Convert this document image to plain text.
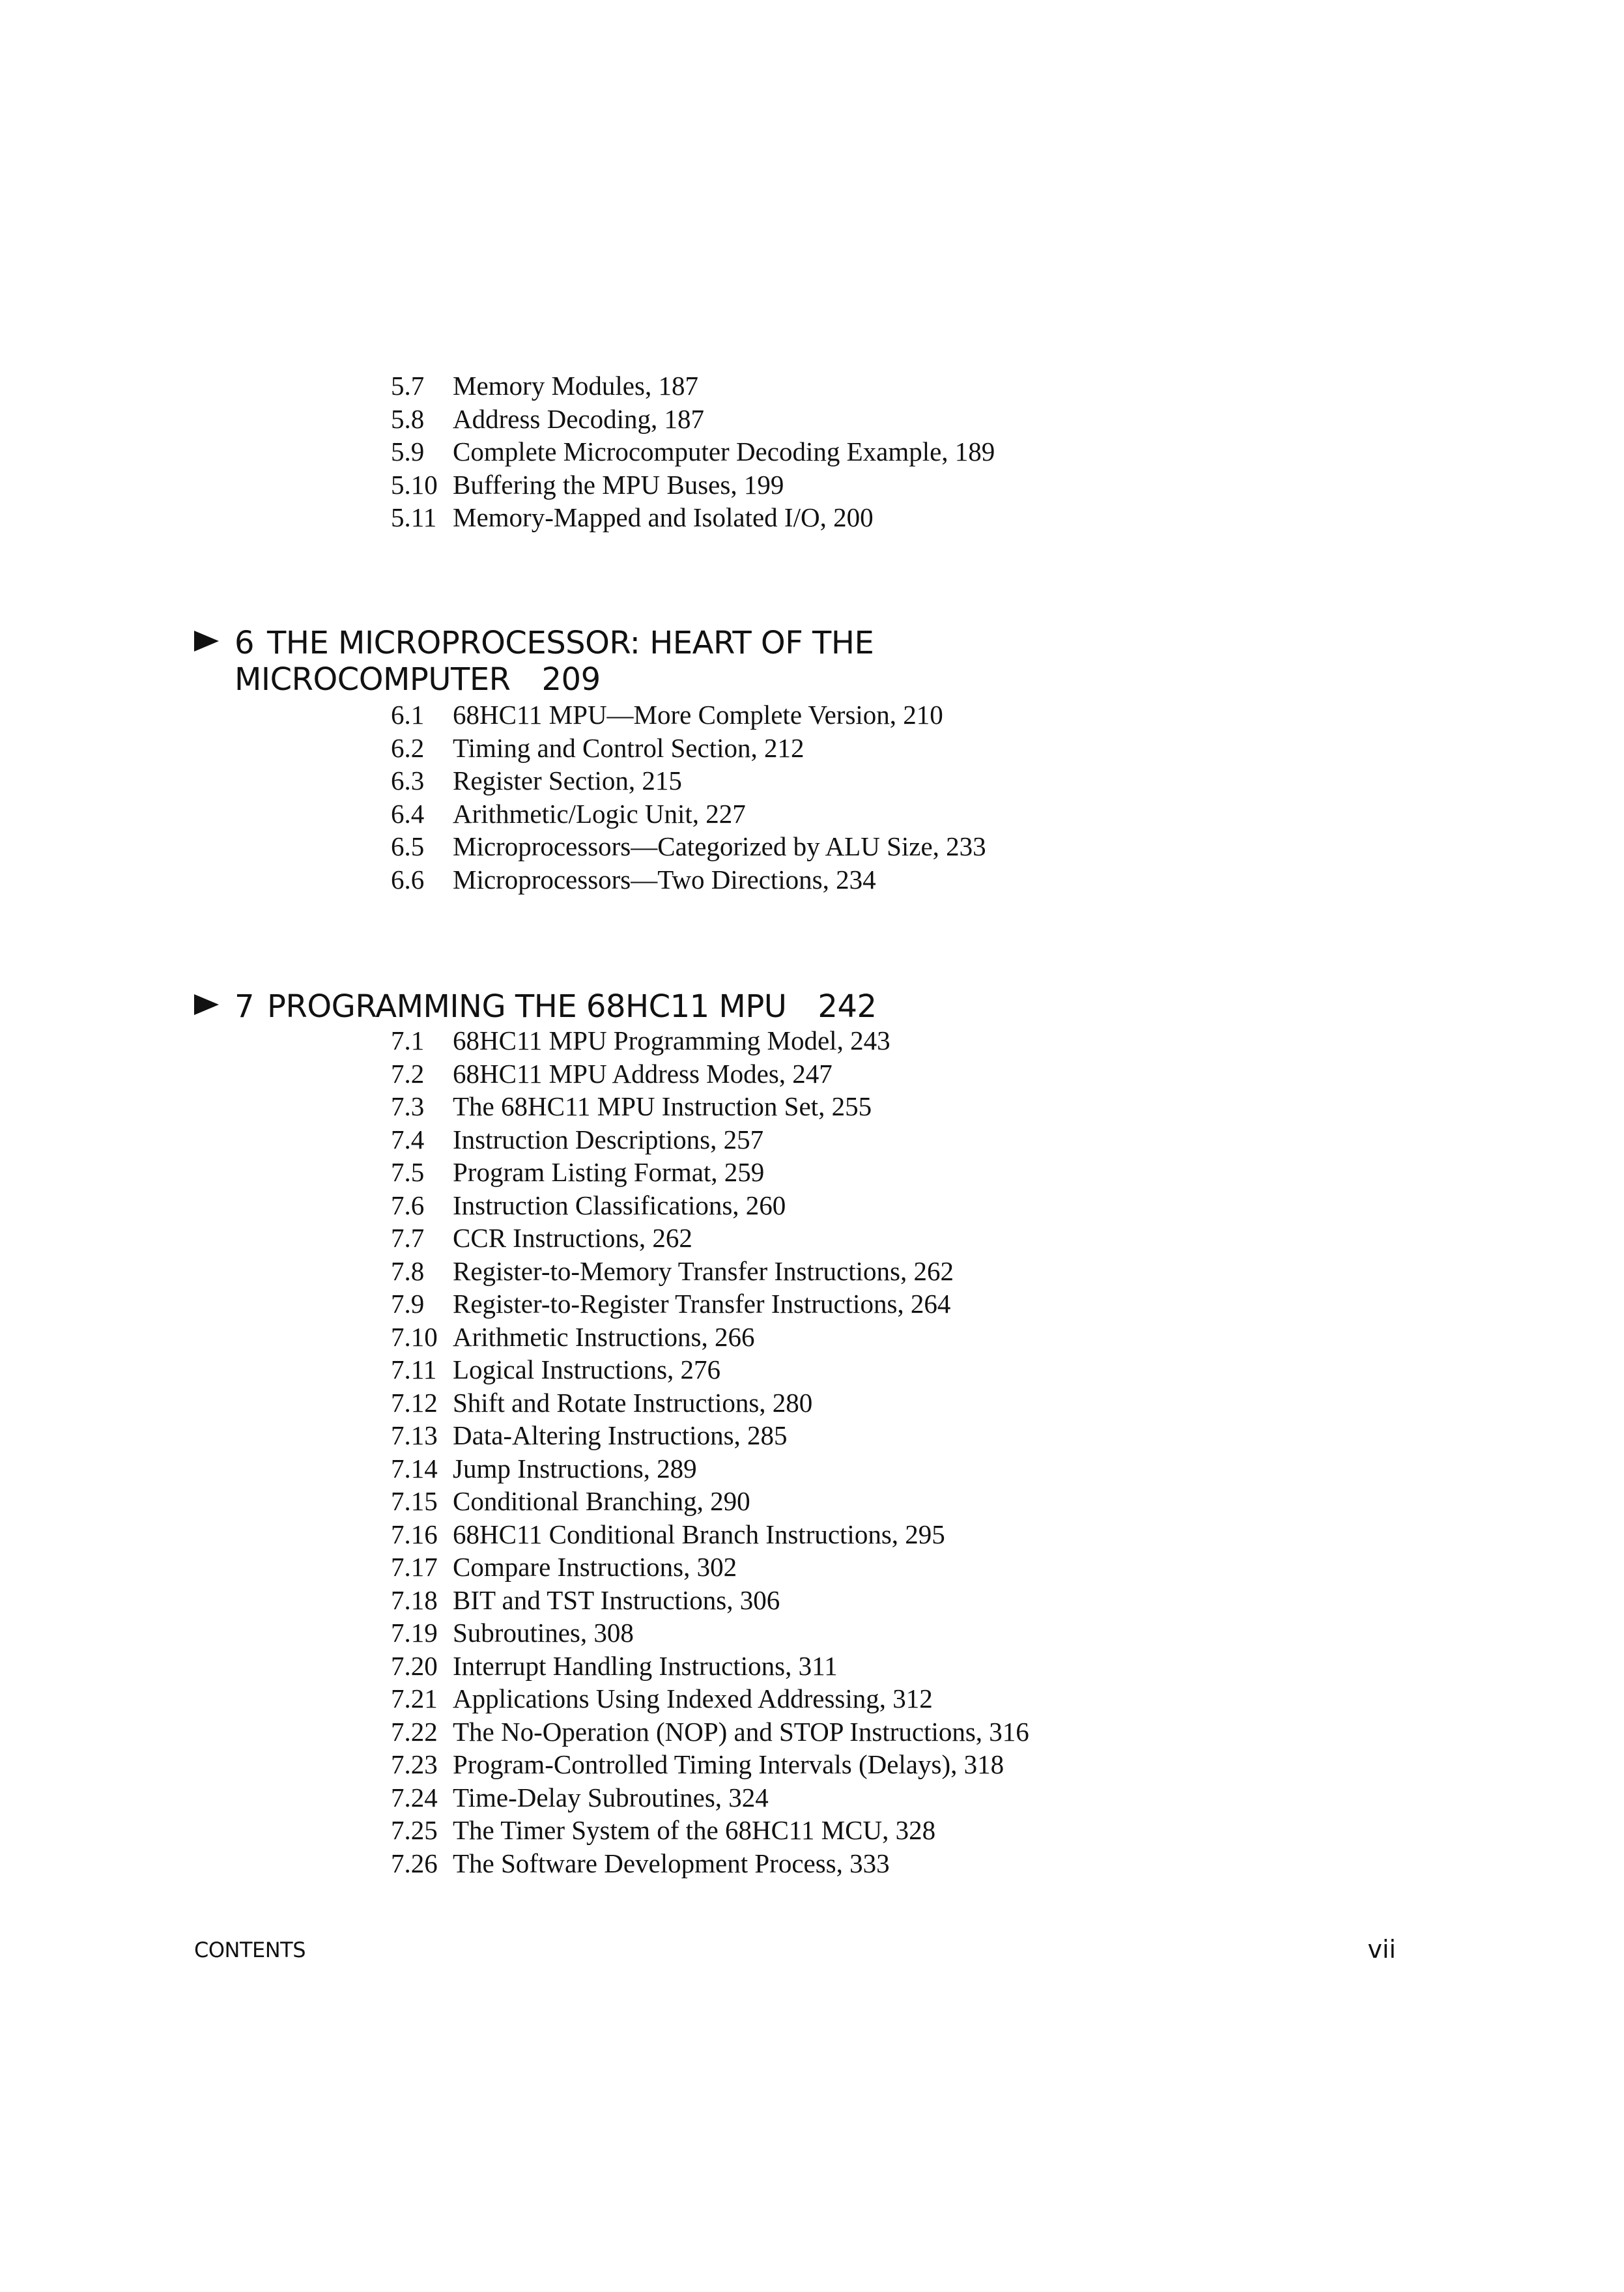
5.7	Memory Modules, 187
5.8	Address Decoding, 187
5.9	Complete Microcomputer Decoding Example, 189
5.10 Buffering the MPU Buses, 199
5.11 Memory-Mapped and Isolated I/O, 200
6 THE MICROPROCESSOR: HEART OF THE
MICROCOMPUTER 209
6.1	68HC11 MPU—More Complete Version, 210
6.2	Timing and Control Section, 212
6.3	Register Section, 215
6.4	Arithmetic/Logic Unit, 227
6.5	Microprocessors—Categorized by ALU Size, 233
6.6	Microprocessors—Two Directions, 234
7 PROGRAMMING THE 68HC11 MPU 242
7.1	68HC11 MPU Programming Model, 243
7.2	68HC11 MPU Address Modes, 247
7.3	The 68HC11 MPU Instruction Set, 255
7.4	Instruction Descriptions, 257
7.5	Program Listing Format, 259
7.6	Instruction Classifications, 260
7.7	CCR Instructions, 262
7.8	Register-to-Memory Transfer Instructions, 262
7.9	Register-to-Register Transfer Instructions, 264
7.10 Arithmetic Instructions, 266
7.11 Logical Instructions, 276
7.12 Shift and Rotate Instructions, 280
7.13 Data-Altering Instructions, 285
7.14 Jump Instructions, 289
7.15 Conditional Branching, 290
7.16 68HC11 Conditional Branch Instructions, 295
7.17 Compare Instructions, 302
7.18 BIT and TST Instructions, 306
7.19 Subroutines, 308
7.20 Interrupt Handling Instructions, 311
7.21 Applications Using Indexed Addressing, 312
7.22 The No-Operation (NOP) and STOP Instructions, 316
7.23 Program-Controlled Timing Intervals (Delays), 318
7.24 Time-Delay Subroutines, 324
7.25 The Timer System of the 68HC11 MCU, 328
7.26 The Software Development Process, 333
CONTENTS	vii
